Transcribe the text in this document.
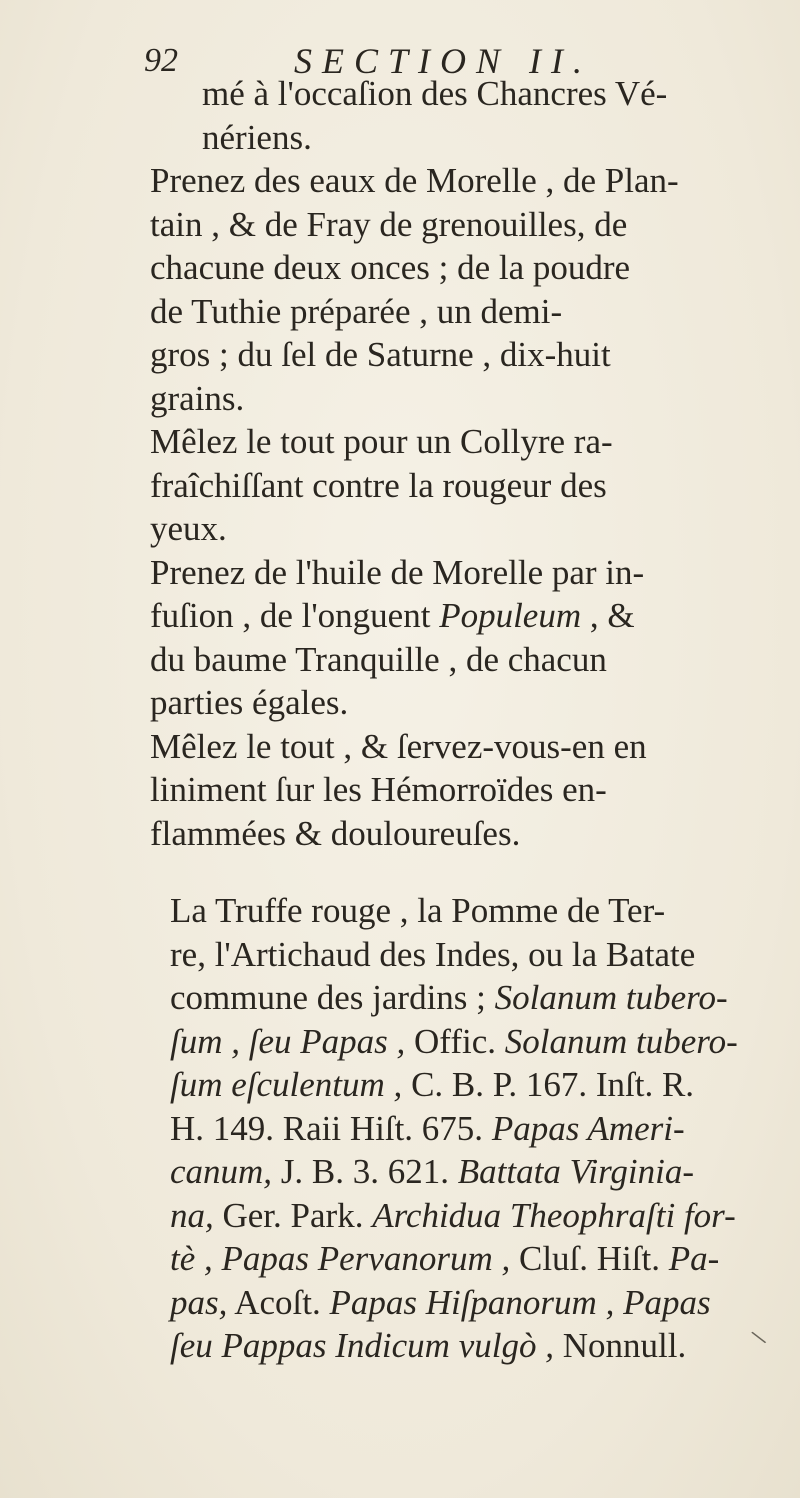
92	SECTION II.
mé à l'occaſion des Chancres Vé-
nériens.
Prenez des eaux de Morelle , de Plan-
tain , & de Fray de grenouilles, de
chacune deux onces ; de la poudre
de Tuthie préparée , un demi-
gros ; du ſel de Saturne , dix-huit
grains.
Mêlez le tout pour un Collyre ra-
fraîchiſſant contre la rougeur des
yeux.
Prenez de l'huile de Morelle par in-
fuſion , de l'onguent Populeum , &
du baume Tranquille , de chacun
parties égales.
Mêlez le tout , & ſervez-vous-en en
liniment ſur les Hémorroïdes en-
flammées & douloureuſes.
La Truffe rouge , la Pomme de Ter-
re, l'Artichaud des Indes, ou la Batate
commune des jardins ; Solanum tubero-
ſum , ſeu Papas , Offic. Solanum tubero-
ſum eſculentum , C. B. P. 167. Inſt. R.
H. 149. Raii Hiſt. 675. Papas Ameri-
canum, J. B. 3. 621. Battata Virginia-
na, Ger. Park. Archidua Theophraſti for-
tè , Papas Pervanorum , Cluſ. Hiſt. Pa-
pas, Acoſt. Papas Hiſpanorum , Papas
ſeu Pappas Indicum vulgò , Nonnull.	\
